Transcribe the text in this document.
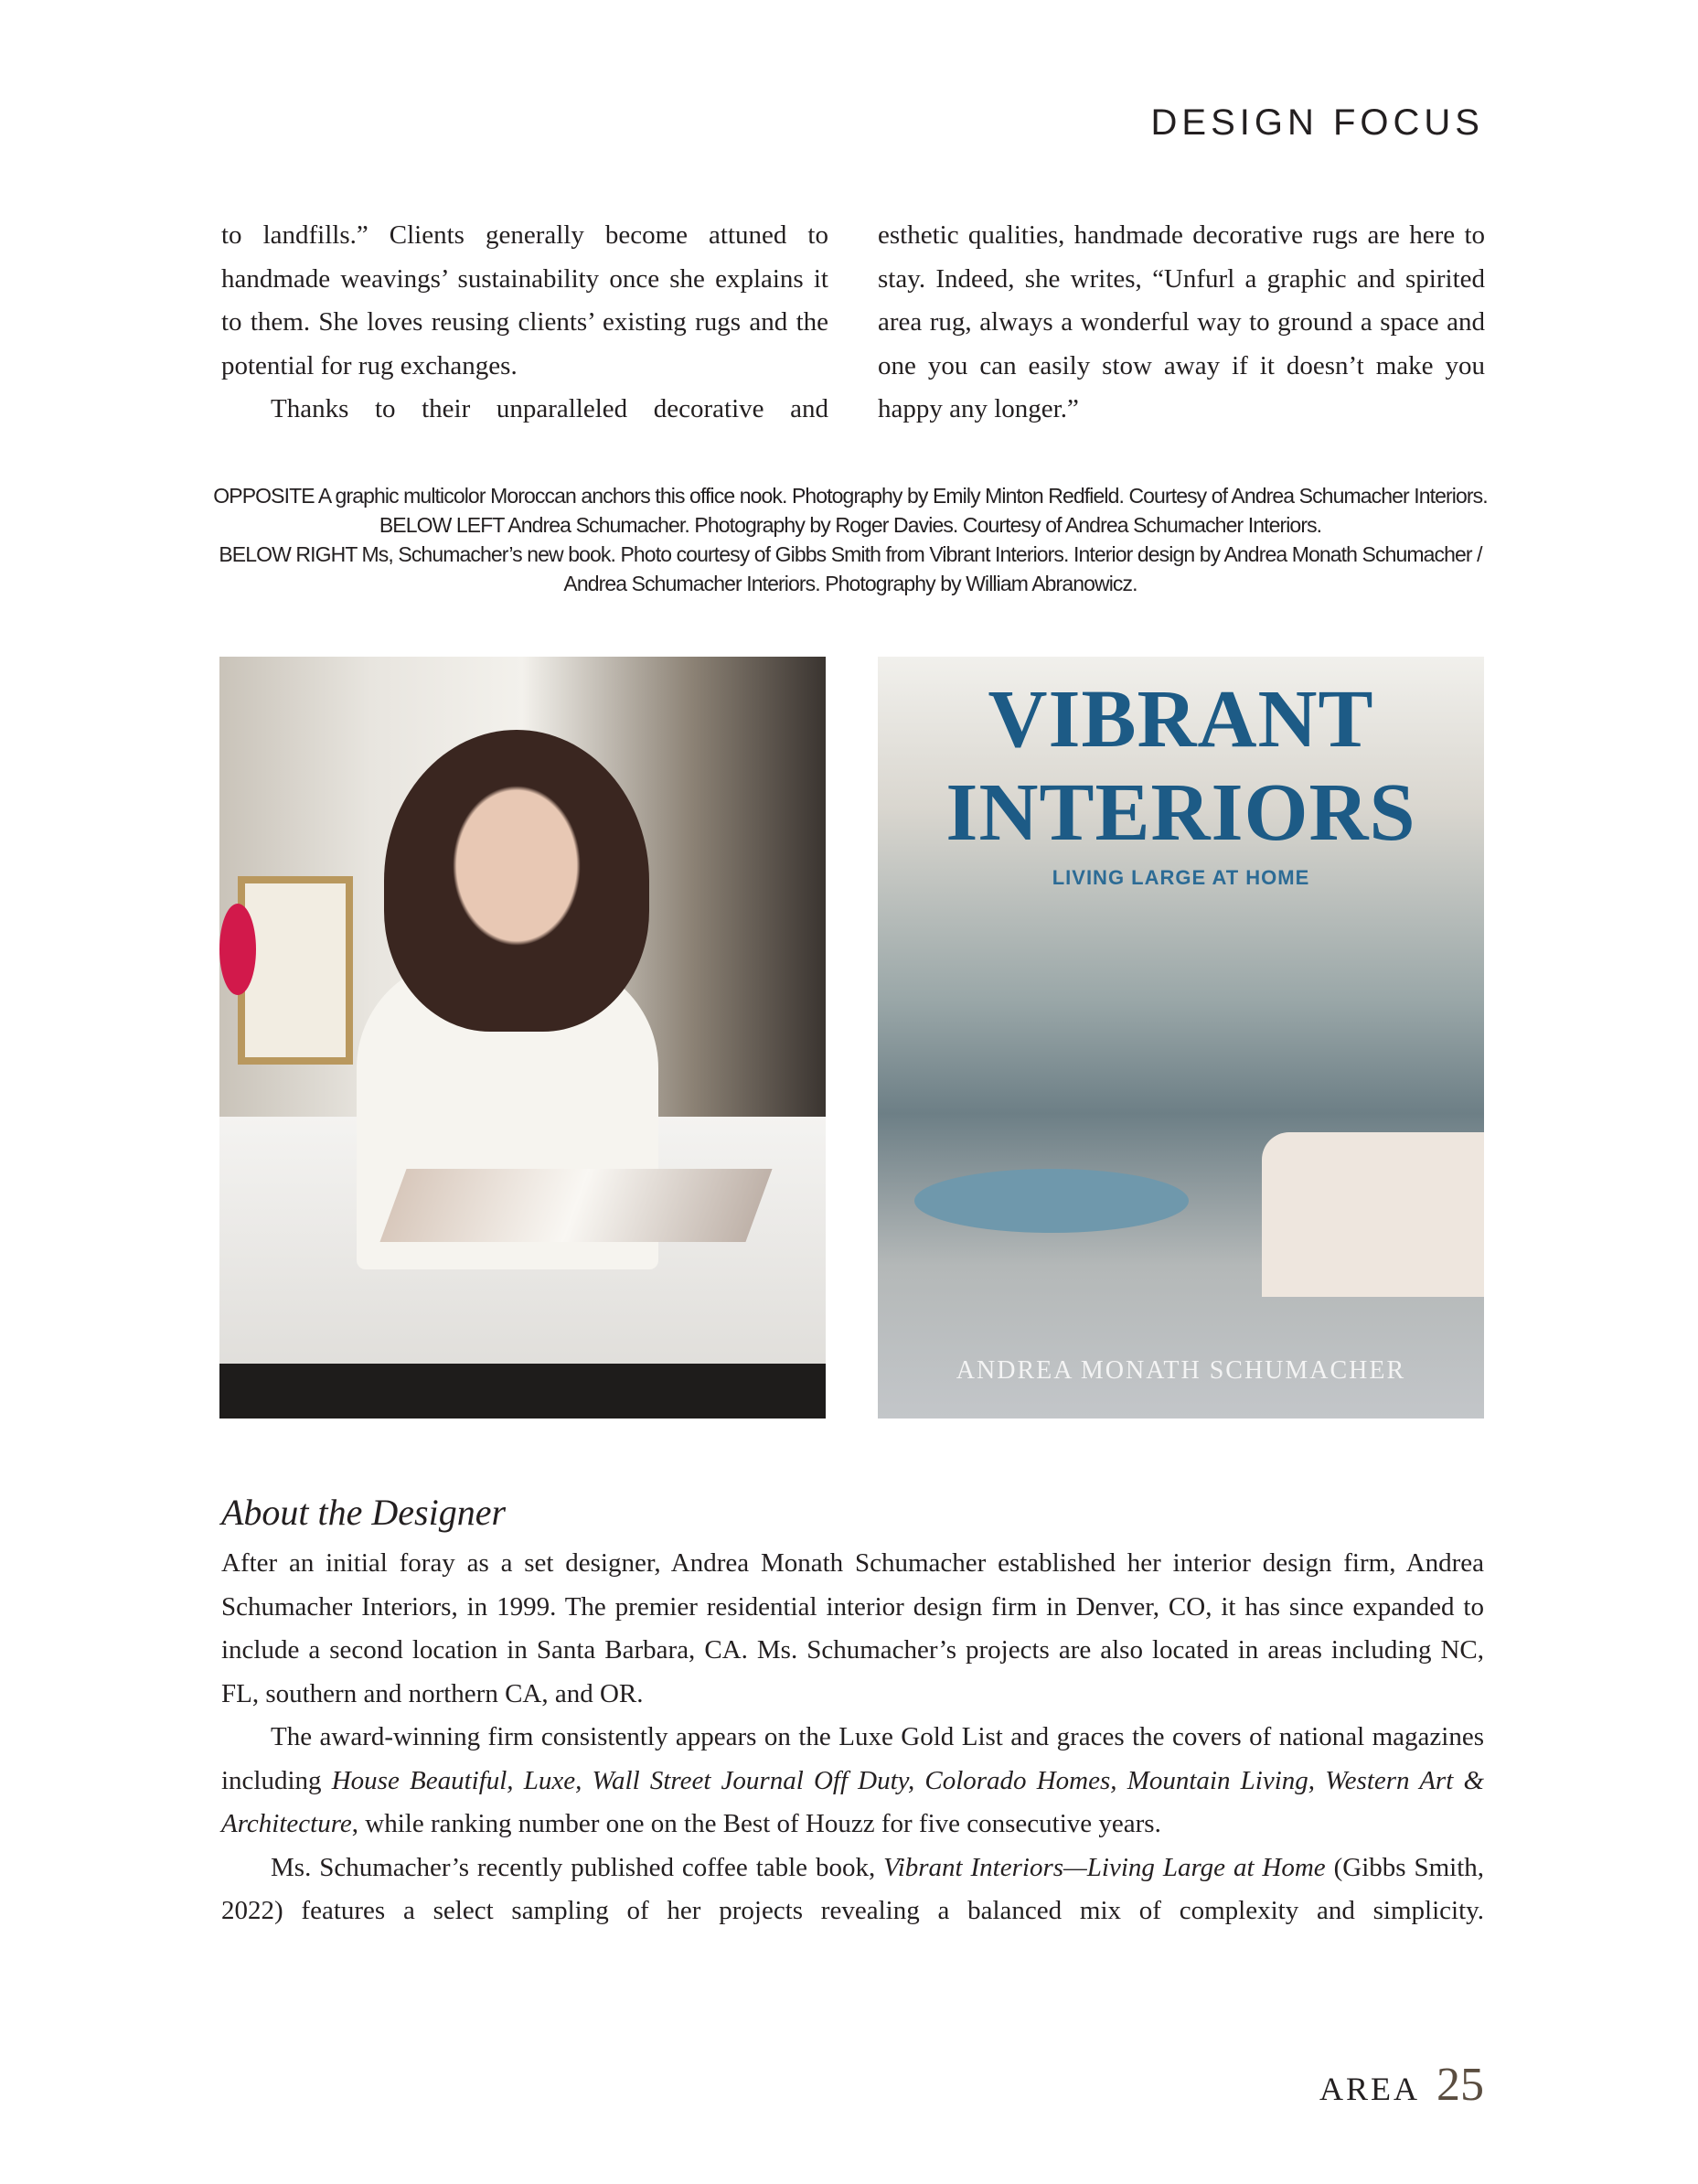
DESIGN FOCUS

to landfills.” Clients generally become attuned to handmade weavings’ sustainability once she explains it to them. She loves reusing clients’ existing rugs and the potential for rug exchanges.

Thanks to their unparalleled decorative and

esthetic qualities, handmade decorative rugs are here to stay. Indeed, she writes, “Unfurl a graphic and spirited area rug, always a wonderful way to ground a space and one you can easily stow away if it doesn’t make you happy any longer.”

OPPOSITE A graphic multicolor Moroccan anchors this office nook. Photography by Emily Minton Redfield. Courtesy of Andrea Schumacher Interiors. BELOW LEFT Andrea Schumacher. Photography by Roger Davies. Courtesy of Andrea Schumacher Interiors.

BELOW RIGHT Ms, Schumacher’s new book. Photo courtesy of Gibbs Smith from Vibrant Interiors. Interior design by Andrea Monath Schumacher / Andrea Schumacher Interiors. Photography by William Abranowicz.

VIBRANT
INTERIORS
LIVING LARGE AT HOME
ANDREA MONATH SCHUMACHER
About the Designer

After an initial foray as a set designer, Andrea Monath Schumacher established her interior design firm, Andrea Schumacher Interiors, in 1999. The premier residential interior design firm in Denver, CO, it has since expanded to include a second location in Santa Barbara, CA. Ms. Schumacher’s projects are also located in areas including NC, FL, southern and northern CA, and OR.

The award-winning firm consistently appears on the Luxe Gold List and graces the covers of national magazines including House Beautiful, Luxe, Wall Street Journal Off Duty, Colorado Homes, Mountain Living, Western Art & Architecture, while ranking number one on the Best of Houzz for five consecutive years.

Ms. Schumacher’s recently published coffee table book, Vibrant Interiors—Living Large at Home (Gibbs Smith, 2022) features a select sampling of her projects revealing a balanced mix of complexity and simplicity.

AREA 25
